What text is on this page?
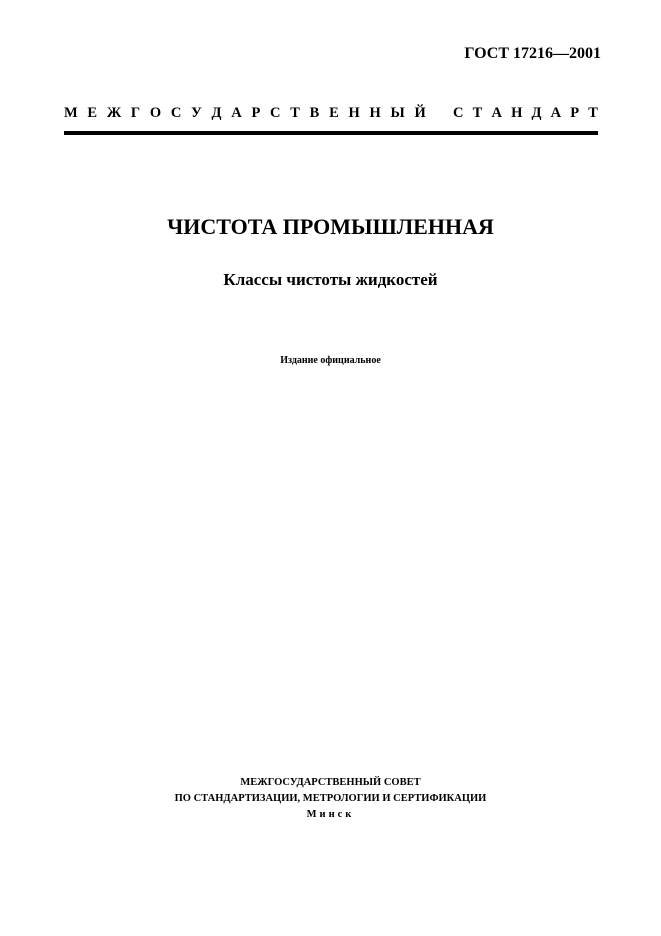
ГОСТ 17216—2001
М Е Ж Г О С У Д А Р С Т В Е Н Н Ы Й С Т А Н Д А Р Т
ЧИСТОТА ПРОМЫШЛЕННАЯ
Классы чистоты жидкостей
Издание официальное
МЕЖГОСУДАРСТВЕННЫЙ СОВЕТ
ПО СТАНДАРТИЗАЦИИ, МЕТРОЛОГИИ И СЕРТИФИКАЦИИ
Минск
